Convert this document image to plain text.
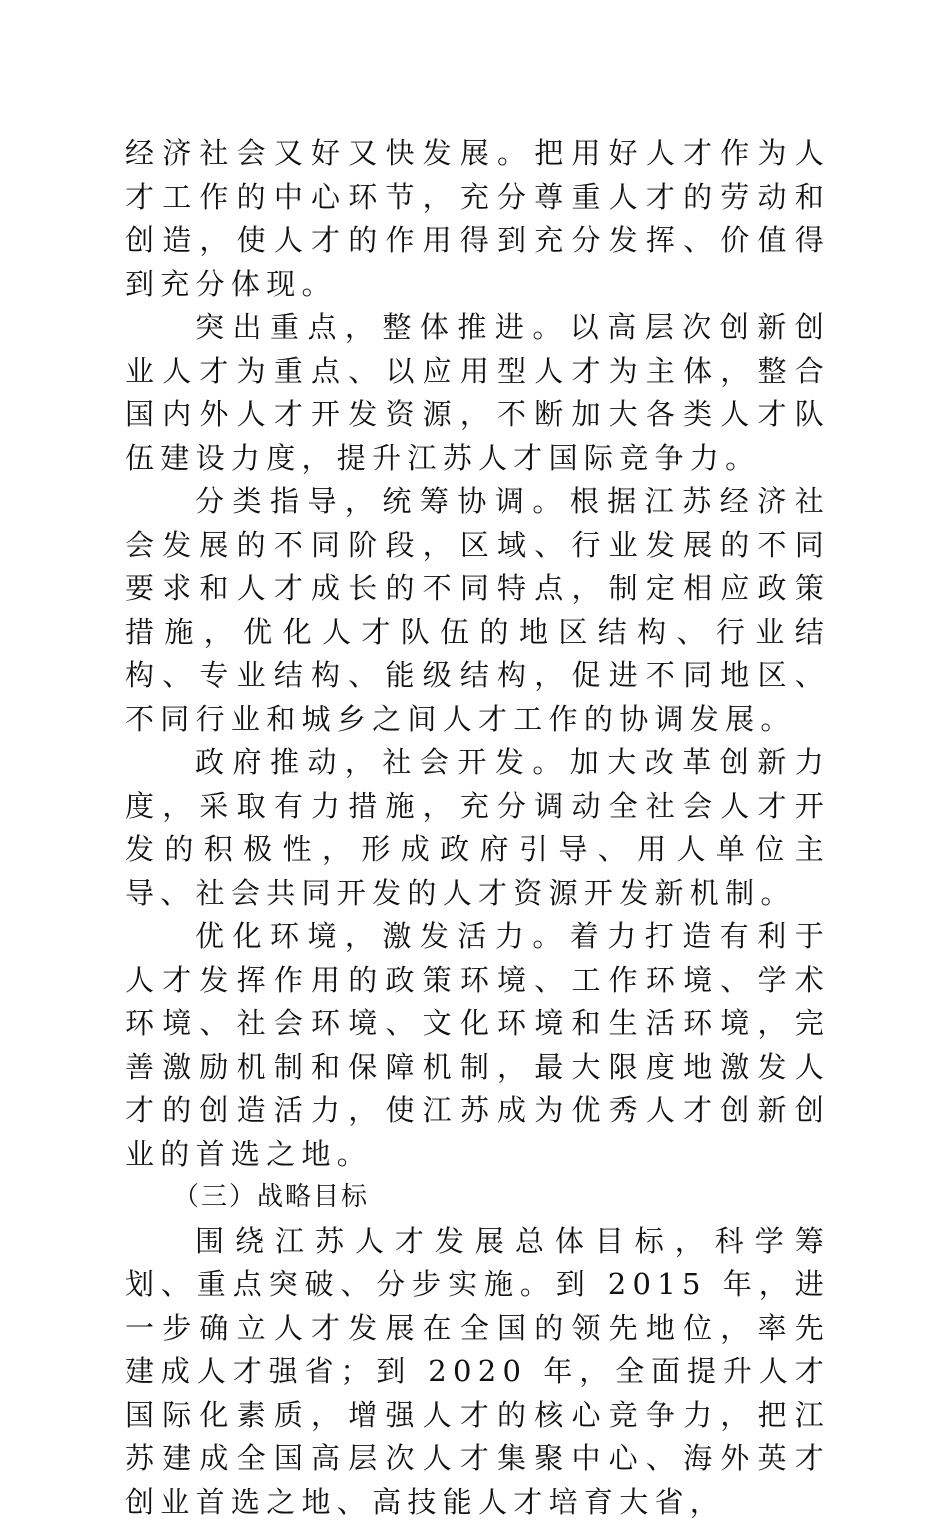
经济社会又好又快发展。把用好人才作为人才工作的中心环节，充分尊重人才的劳动和创造，使人才的作用得到充分发挥、价值得到充分体现。

突出重点，整体推进。以高层次创新创业人才为重点、以应用型人才为主体，整合国内外人才开发资源，不断加大各类人才队伍建设力度，提升江苏人才国际竞争力。

分类指导，统筹协调。根据江苏经济社会发展的不同阶段，区域、行业发展的不同要求和人才成长的不同特点，制定相应政策措施，优化人才队伍的地区结构、行业结构、专业结构、能级结构，促进不同地区、不同行业和城乡之间人才工作的协调发展。

政府推动，社会开发。加大改革创新力度，采取有力措施，充分调动全社会人才开发的积极性，形成政府引导、用人单位主导、社会共同开发的人才资源开发新机制。

优化环境，激发活力。着力打造有利于人才发挥作用的政策环境、工作环境、学术环境、社会环境、文化环境和生活环境，完善激励机制和保障机制，最大限度地激发人才的创造活力，使江苏成为优秀人才创新创业的首选之地。

（三）战略目标

围绕江苏人才发展总体目标，科学筹划、重点突破、分步实施。到 2015 年，进一步确立人才发展在全国的领先地位，率先建成人才强省；到 2020 年，全面提升人才国际化素质，增强人才的核心竞争力，把江苏建成全国高层次人才集聚中心、海外英才创业首选之地、高技能人才培育大省，
